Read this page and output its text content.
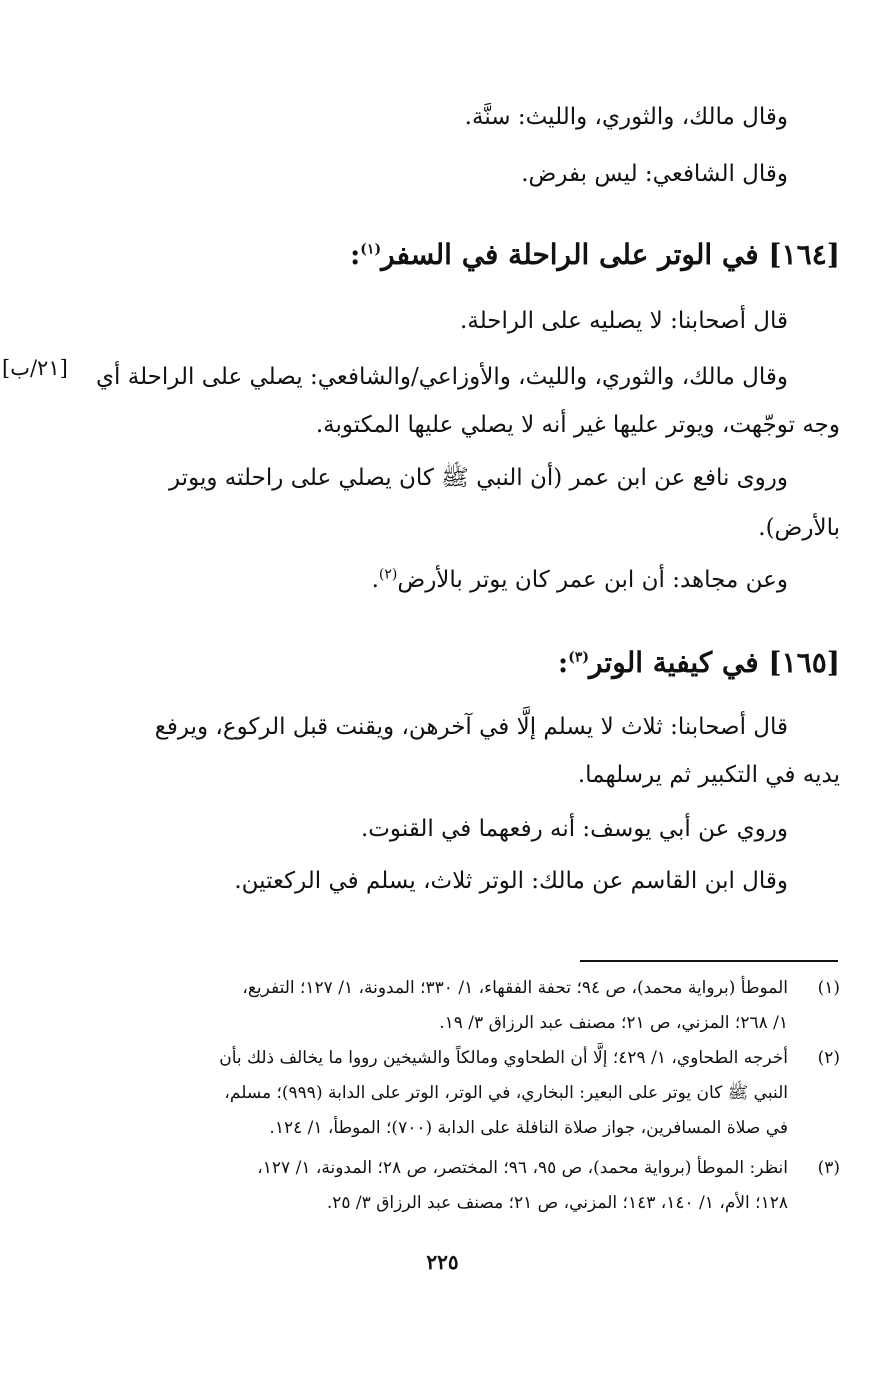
وقال مالك، والثوري، والليث: سنَّة.
وقال الشافعي: ليس بفرض.
[١٦٤] في الوتر على الراحلة في السفر$^{(١)}$:
قال أصحابنا: لا يصليه على الراحلة.
وقال مالك، والثوري، والليث، والأوزاعي/والشافعي: يصلي على الراحلة أي
وجه توجّهت، ويوتر عليها غير أنه لا يصلي عليها المكتوبة.
وروى نافع عن ابن عمر (أن النبي ﷺ كان يصلي على راحلته ويوتر
بالأرض).
وعن مجاهد: أن ابن عمر كان يوتر بالأرض$^{(٢)}$.
[١٦٥] في كيفية الوتر$^{(٣)}$:
قال أصحابنا: ثلاث لا يسلم إلَّا في آخرهن، ويقنت قبل الركوع، ويرفع
يديه في التكبير ثم يرسلهما.
وروي عن أبي يوسف: أنه رفعهما في القنوت.
وقال ابن القاسم عن مالك: الوتر ثلاث، يسلم في الركعتين.
[٢١/ب]
(١)
الموطأ (برواية محمد)، ص ٩٤؛ تحفة الفقهاء، ١/ ٣٣٠؛ المدونة، ١/ ١٢٧؛ التفريع،
١/ ٢٦٨؛ المزني، ص ٢١؛ مصنف عبد الرزاق ٣/ ١٩.
(٢)
أخرجه الطحاوي، ١/ ٤٢٩؛ إلَّا أن الطحاوي ومالكاً والشيخين رووا ما يخالف ذلك بأن
النبي ﷺ كان يوتر على البعير: البخاري، في الوتر، الوتر على الدابة (٩٩٩)؛ مسلم،
في صلاة المسافرين، جواز صلاة النافلة على الدابة (٧٠٠)؛ الموطأ، ١/ ١٢٤.
(٣)
انظر: الموطأ (برواية محمد)، ص ٩٥، ٩٦؛ المختصر، ص ٢٨؛ المدونة، ١/ ١٢٧،
١٢٨؛ الأم، ١/ ١٤٠، ١٤٣؛ المزني، ص ٢١؛ مصنف عبد الرزاق ٣/ ٢٥.
٢٢٥
